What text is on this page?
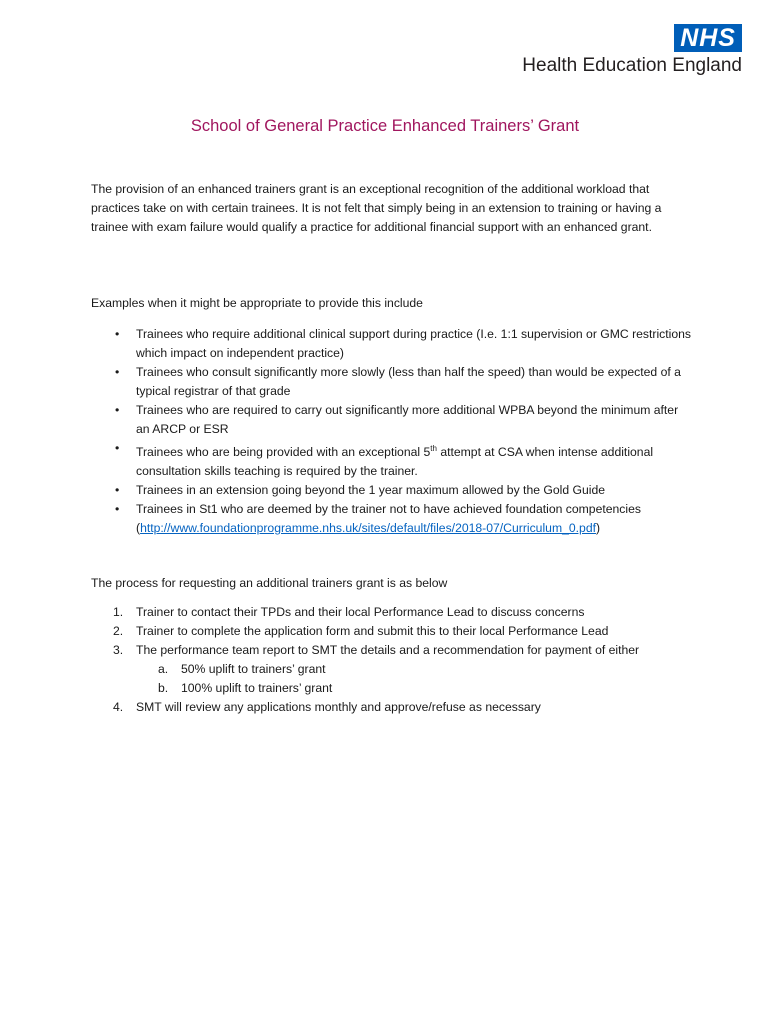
NHS
Health Education England
School of General Practice Enhanced Trainers’ Grant
The provision of an enhanced trainers grant is an exceptional recognition of the additional workload that practices take on with certain trainees. It is not felt that simply being in an extension to training or having a trainee with exam failure would qualify a practice for additional financial support with an enhanced grant.
Examples when it might be appropriate to provide this include
• Trainees who require additional clinical support during practice (I.e. 1:1 supervision or GMC restrictions which impact on independent practice)
• Trainees who consult significantly more slowly (less than half the speed) than would be expected of a typical registrar of that grade
• Trainees who are required to carry out significantly more additional WPBA beyond the minimum after an ARCP or ESR
• Trainees who are being provided with an exceptional 5th attempt at CSA when intense additional consultation skills teaching is required by the trainer.
• Trainees in an extension going beyond the 1 year maximum allowed by the Gold Guide
• Trainees in St1 who are deemed by the trainer not to have achieved foundation competencies
(http://www.foundationprogramme.nhs.uk/sites/default/files/2018-07/Curriculum_0.pdf)
The process for requesting an additional trainers grant is as below
1. Trainer to contact their TPDs and their local Performance Lead to discuss concerns
2. Trainer to complete the application form and submit this to their local Performance Lead
3. The performance team report to SMT the details and a recommendation for payment of either
a. 50% uplift to trainers’ grant
b. 100% uplift to trainers’ grant
4. SMT will review any applications monthly and approve/refuse as necessary
